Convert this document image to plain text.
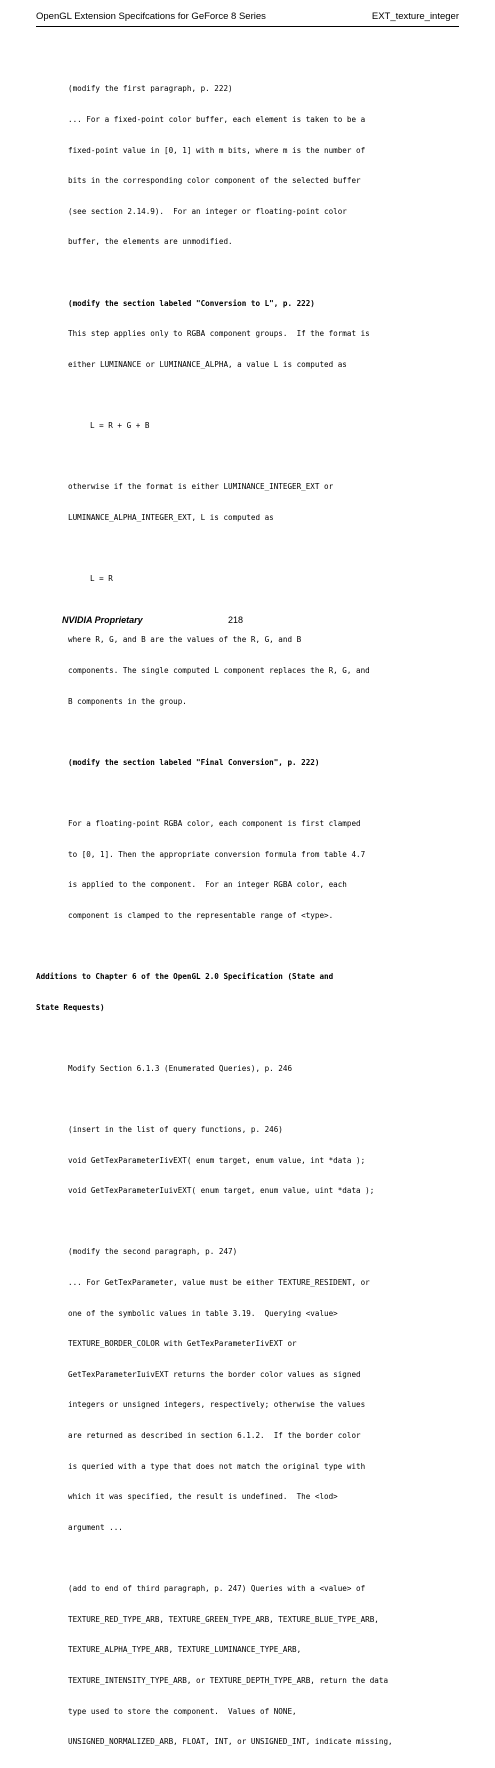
OpenGL Extension Specifcations for GeForce 8 Series	EXT_texture_integer

(modify the first paragraph, p. 222)

... For a fixed-point color buffer, each element is taken to be a

fixed-point value in [0, 1] with m bits, where m is the number of

bits in the corresponding color component of the selected buffer

(see section 2.14.9).  For an integer or floating-point color

buffer, the elements are unmodified.

(modify the section labeled "Conversion to L", p. 222)

This step applies only to RGBA component groups.  If the format is

either LUMINANCE or LUMINANCE_ALPHA, a value L is computed as

L = R + G + B

otherwise if the format is either LUMINANCE_INTEGER_EXT or

LUMINANCE_ALPHA_INTEGER_EXT, L is computed as

L = R

where R, G, and B are the values of the R, G, and B

components. The single computed L component replaces the R, G, and

B components in the group.

(modify the section labeled "Final Conversion", p. 222)

For a floating-point RGBA color, each component is first clamped

to [0, 1]. Then the appropriate conversion formula from table 4.7

is applied to the component.  For an integer RGBA color, each

component is clamped to the representable range of <type>.

Additions to Chapter 6 of the OpenGL 2.0 Specification (State and

State Requests)

Modify Section 6.1.3 (Enumerated Queries), p. 246

(insert in the list of query functions, p. 246)

void GetTexParameterIivEXT( enum target, enum value, int *data );

void GetTexParameterIuivEXT( enum target, enum value, uint *data );

(modify the second paragraph, p. 247)

... For GetTexParameter, value must be either TEXTURE_RESIDENT, or

one of the symbolic values in table 3.19.  Querying <value>

TEXTURE_BORDER_COLOR with GetTexParameterIivEXT or

GetTexParameterIuivEXT returns the border color values as signed

integers or unsigned integers, respectively; otherwise the values

are returned as described in section 6.1.2.  If the border color

is queried with a type that does not match the original type with

which it was specified, the result is undefined.  The <lod>

argument ...

(add to end of third paragraph, p. 247) Queries with a <value> of

TEXTURE_RED_TYPE_ARB, TEXTURE_GREEN_TYPE_ARB, TEXTURE_BLUE_TYPE_ARB,

TEXTURE_ALPHA_TYPE_ARB, TEXTURE_LUMINANCE_TYPE_ARB,

TEXTURE_INTENSITY_TYPE_ARB, or TEXTURE_DEPTH_TYPE_ARB, return the data

type used to store the component.  Values of NONE,

UNSIGNED_NORMALIZED_ARB, FLOAT, INT, or UNSIGNED_INT, indicate missing,

NVIDIA Proprietary	218
